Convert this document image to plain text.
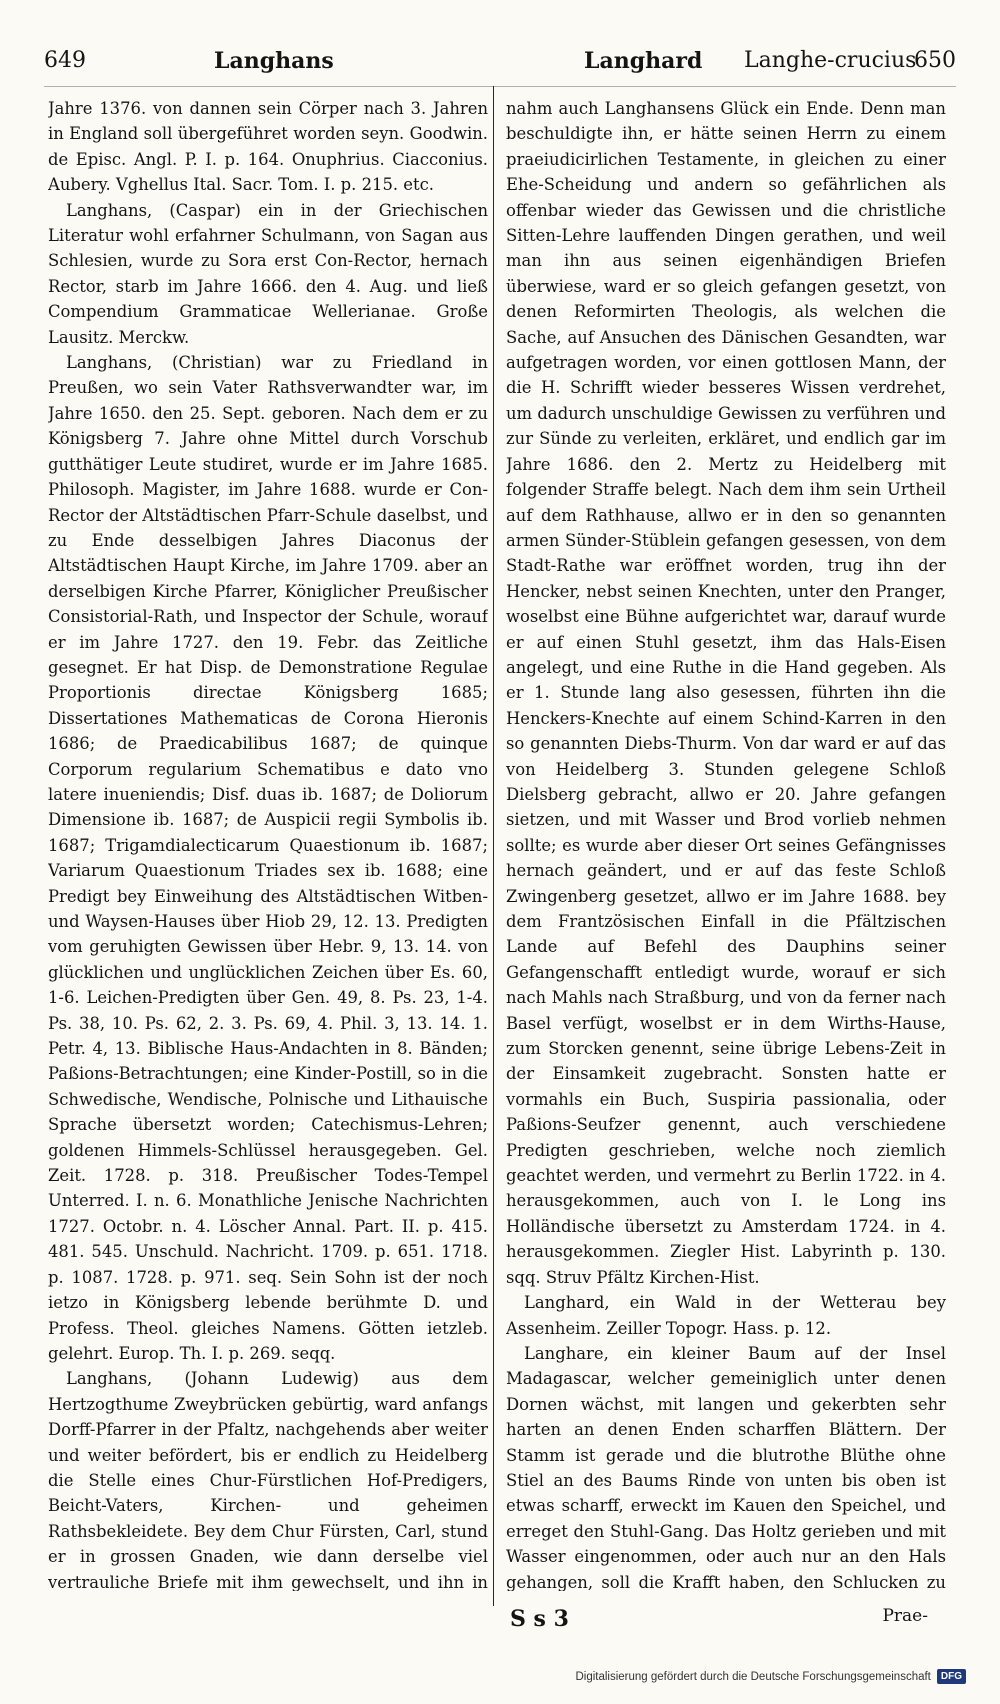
649	Langhans	Langhard Langhe-crucius
650

Jahre 1376. von dannen sein Cörper nach 3. Jahren in England soll übergeführet worden seyn. Goodwin. de Episc. Angl. P. I. p. 164. Onuphrius. Ciacconius. Aubery. Vghellus Ital. Sacr. Tom. I. p. 215. etc.

Langhans, (Caspar) ein in der Griechischen Literatur wohl erfahrner Schulmann, von Sagan aus Schlesien, wurde zu Sora erst Con-Rector, hernach Rector, starb im Jahre 1666. den 4. Aug. und ließ Compendium Grammaticae Wellerianae. Große Lausitz. Merckw.

Langhans, (Christian) war zu Friedland in Preußen, wo sein Vater Rathsverwandter war, im Jahre 1650. den 25. Sept. geboren. Nach dem er zu Königsberg 7. Jahre ohne Mittel durch Vorschub gutthätiger Leute studiret, wurde er im Jahre 1685. Philosoph. Magister, im Jahre 1688. wurde er Con-Rector der Altstädtischen Pfarr-Schule daselbst, und zu Ende desselbigen Jahres Diaconus der Altstädtischen Haupt Kirche, im Jahre 1709. aber an derselbigen Kirche Pfarrer, Königlicher Preußischer Consistorial-Rath, und Inspector der Schule, worauf er im Jahre 1727. den 19. Febr. das Zeitliche gesegnet. Er hat Disp. de Demonstratione Regulae Proportionis directae Königsberg 1685; Dissertationes Mathematicas de Corona Hieronis 1686; de Praedicabilibus 1687; de quinque Corporum regularium Schematibus e dato vno latere inueniendis; Disf. duas ib. 1687; de Doliorum Dimensione ib. 1687; de Auspicii regii Symbolis ib. 1687; Trigamdialecticarum Quaestionum ib. 1687; Variarum Quaestionum Triades sex ib. 1688; eine Predigt bey Einweihung des Altstädtischen Witben- und Waysen-Hauses über Hiob 29, 12. 13. Predigten vom geruhigten Gewissen über Hebr. 9, 13. 14. von glücklichen und unglücklichen Zeichen über Es. 60, 1-6. Leichen-Predigten über Gen. 49, 8. Ps. 23, 1-4. Ps. 38, 10. Ps. 62, 2. 3. Ps. 69, 4. Phil. 3, 13. 14. 1. Petr. 4, 13. Biblische Haus-Andachten in 8. Bänden; Paßions-Betrachtungen; eine Kinder-Postill, so in die Schwedische, Wendische, Polnische und Lithauische Sprache übersetzt worden; Catechismus-Lehren; goldenen Himmels-Schlüssel herausgegeben. Gel. Zeit. 1728. p. 318. Preußischer Todes-Tempel Unterred. I. n. 6. Monathliche Jenische Nachrichten 1727. Octobr. n. 4. Löscher Annal. Part. II. p. 415. 481. 545. Unschuld. Nachricht. 1709. p. 651. 1718. p. 1087. 1728. p. 971. seq. Sein Sohn ist der noch ietzo in Königsberg lebende berühmte D. und Profess. Theol. gleiches Namens. Götten ietzleb. gelehrt. Europ. Th. I. p. 269. seqq.

Langhans, (Johann Ludewig) aus dem Hertzogthume Zweybrücken gebürtig, ward anfangs Dorff-Pfarrer in der Pfaltz, nachgehends aber weiter und weiter befördert, bis er endlich zu Heidelberg die Stelle eines Chur-Fürstlichen Hof-Predigers, Beicht-Vaters, Kirchen- und geheimen Rathsbekleidete. Bey dem Chur Fürsten, Carl, stund er in grossen Gnaden, wie dann derselbe viel vertrauliche Briefe mit ihm gewechselt, und ihn in

nahm auch Langhansens Glück ein Ende. Denn man beschuldigte ihn, er hätte seinen Herrn zu einem praeiudicirlichen Testamente, in gleichen zu einer Ehe-Scheidung und andern so gefährlichen als offenbar wieder das Gewissen und die christliche Sitten-Lehre lauffenden Dingen gerathen, und weil man ihn aus seinen eigenhändigen Briefen überwiese, ward er so gleich gefangen gesetzt, von denen Reformirten Theologis, als welchen die Sache, auf Ansuchen des Dänischen Gesandten, war aufgetragen worden, vor einen gottlosen Mann, der die H. Schrifft wieder besseres Wissen verdrehet, um dadurch unschuldige Gewissen zu verführen und zur Sünde zu verleiten, erkläret, und endlich gar im Jahre 1686. den 2. Mertz zu Heidelberg mit folgender Straffe belegt. Nach dem ihm sein Urtheil auf dem Rathhause, allwo er in den so genannten armen Sünder-Stüblein gefangen gesessen, von dem Stadt-Rathe war eröffnet worden, trug ihn der Hencker, nebst seinen Knechten, unter den Pranger, woselbst eine Bühne aufgerichtet war, darauf wurde er auf einen Stuhl gesetzt, ihm das Hals-Eisen angelegt, und eine Ruthe in die Hand gegeben. Als er 1. Stunde lang also gesessen, führten ihn die Henckers-Knechte auf einem Schind-Karren in den so genannten Diebs-Thurm. Von dar ward er auf das von Heidelberg 3. Stunden gelegene Schloß Dielsberg gebracht, allwo er 20. Jahre gefangen sietzen, und mit Wasser und Brod vorlieb nehmen sollte; es wurde aber dieser Ort seines Gefängnisses hernach geändert, und er auf das feste Schloß Zwingenberg gesetzet, allwo er im Jahre 1688. bey dem Frantzösischen Einfall in die Pfältzischen Lande auf Befehl des Dauphins seiner Gefangenschafft entledigt wurde, worauf er sich nach Mahls nach Straßburg, und von da ferner nach Basel verfügt, woselbst er in dem Wirths-Hause, zum Storcken genennt, seine übrige Lebens-Zeit in der Einsamkeit zugebracht. Sonsten hatte er vormahls ein Buch, Suspiria passionalia, oder Paßions-Seufzer genennt, auch verschiedene Predigten geschrieben, welche noch ziemlich geachtet werden, und vermehrt zu Berlin 1722. in 4. herausgekommen, auch von I. le Long ins Holländische übersetzt zu Amsterdam 1724. in 4. herausgekommen. Ziegler Hist. Labyrinth p. 130. sqq. Struv Pfältz Kirchen-Hist.

Langhard, ein Wald in der Wetterau bey Assenheim. Zeiller Topogr. Hass. p. 12.

Langhare, ein kleiner Baum auf der Insel Madagascar, welcher gemeiniglich unter denen Dornen wächst, mit langen und gekerbten sehr harten an denen Enden scharffen Blättern. Der Stamm ist gerade und die blutrothe Blüthe ohne Stiel an des Baums Rinde von unten bis oben ist etwas scharff, erweckt im Kauen den Speichel, und erreget den Stuhl-Gang. Das Holtz gerieben und mit Wasser eingenommen, oder auch nur an den Hals gehangen, soll die Krafft haben, den Schlucken zu

S s 3	Prae-
Digitalisierung gefördert durch die Deutsche Forschungsgemeinschaft	DFG
